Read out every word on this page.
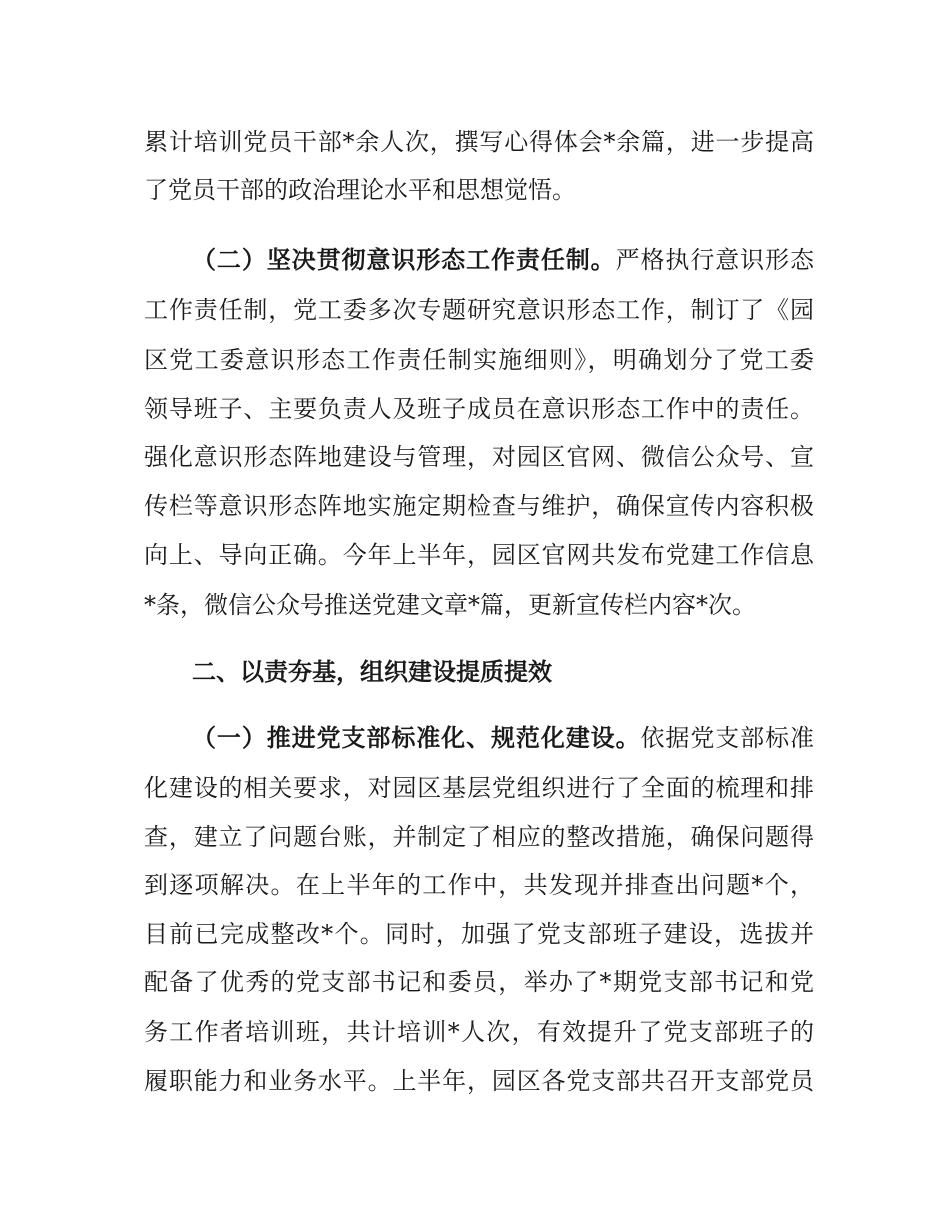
累计培训党员干部*余人次，撰写心得体会*余篇，进一步提高
了党员干部的政治理论水平和思想觉悟。
（二）坚决贯彻意识形态工作责任制。严格执行意识形态
工作责任制，党工委多次专题研究意识形态工作，制订了《园
区党工委意识形态工作责任制实施细则》，明确划分了党工委
领导班子、主要负责人及班子成员在意识形态工作中的责任。
强化意识形态阵地建设与管理，对园区官网、微信公众号、宣
传栏等意识形态阵地实施定期检查与维护，确保宣传内容积极
向上、导向正确。今年上半年，园区官网共发布党建工作信息
*条，微信公众号推送党建文章*篇，更新宣传栏内容*次。
二、以责夯基，组织建设提质提效
（一）推进党支部标准化、规范化建设。依据党支部标准
化建设的相关要求，对园区基层党组织进行了全面的梳理和排
查，建立了问题台账，并制定了相应的整改措施，确保问题得
到逐项解决。在上半年的工作中，共发现并排查出问题*个，
目前已完成整改*个。同时，加强了党支部班子建设，选拔并
配备了优秀的党支部书记和委员，举办了*期党支部书记和党
务工作者培训班，共计培训*人次，有效提升了党支部班子的
履职能力和业务水平。上半年，园区各党支部共召开支部党员
